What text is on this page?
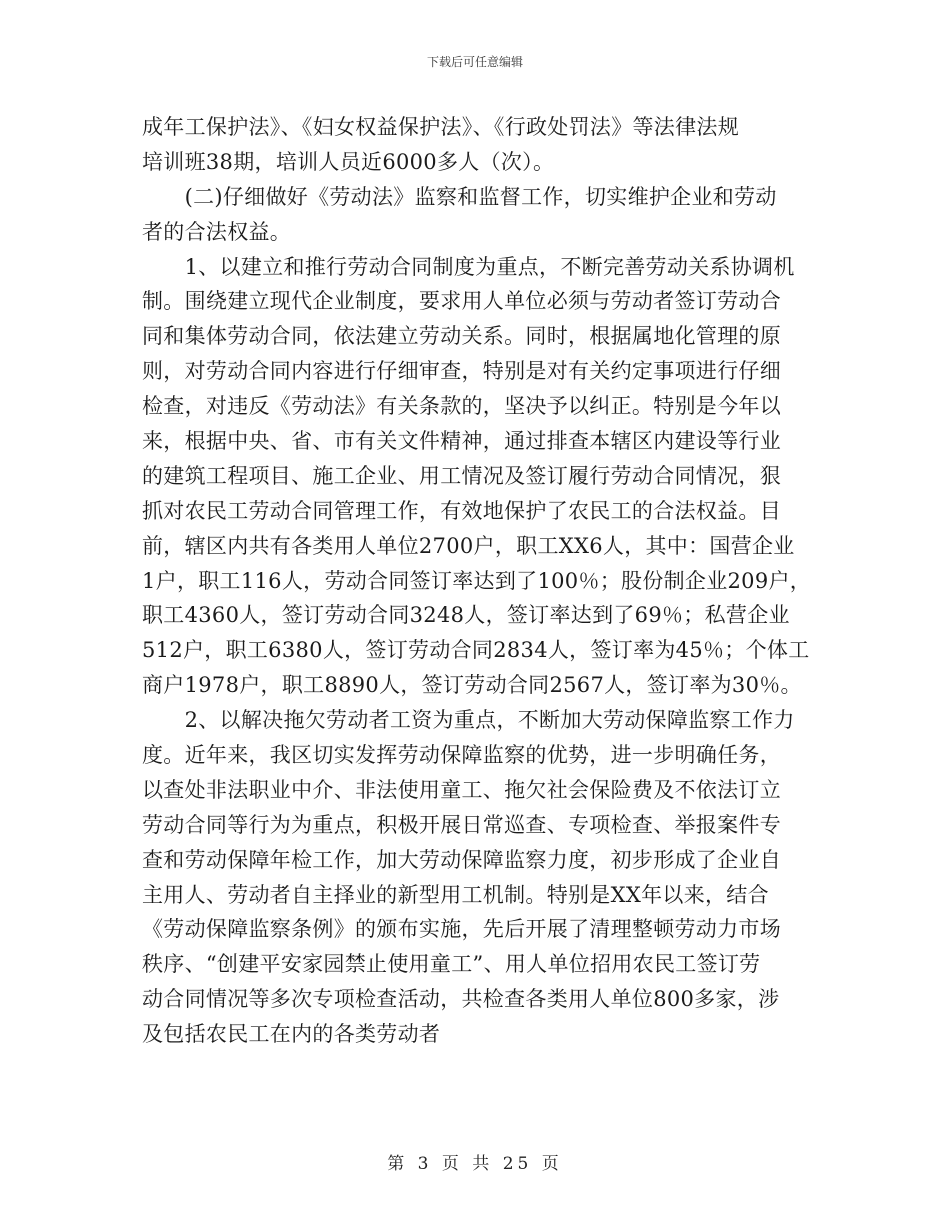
下载后可任意编辑
成年工保护法》、《妇女权益保护法》、《行政处罚法》等法律法规
培训班38期，培训人员近6000多人（次）。
　　(二)仔细做好《劳动法》监察和监督工作，切实维护企业和劳动
者的合法权益。
　　1、以建立和推行劳动合同制度为重点，不断完善劳动关系协调机
制。围绕建立现代企业制度，要求用人单位必须与劳动者签订劳动合
同和集体劳动合同，依法建立劳动关系。同时，根据属地化管理的原
则，对劳动合同内容进行仔细审查，特别是对有关约定事项进行仔细
检查，对违反《劳动法》有关条款的，坚决予以纠正。特别是今年以
来，根据中央、省、市有关文件精神，通过排查本辖区内建设等行业
的建筑工程项目、施工企业、用工情况及签订履行劳动合同情况，狠
抓对农民工劳动合同管理工作，有效地保护了农民工的合法权益。目
前，辖区内共有各类用人单位2700户，职工XX6人，其中：国营企业
1户，职工116人，劳动合同签订率达到了100％；股份制企业209户，
职工4360人，签订劳动合同3248人，签订率达到了69％；私营企业
512户，职工6380人，签订劳动合同2834人，签订率为45％；个体工
商户1978户，职工8890人，签订劳动合同2567人，签订率为30％。
　　2、以解决拖欠劳动者工资为重点，不断加大劳动保障监察工作力
度。近年来，我区切实发挥劳动保障监察的优势，进一步明确任务，
以查处非法职业中介、非法使用童工、拖欠社会保险费及不依法订立
劳动合同等行为为重点，积极开展日常巡查、专项检查、举报案件专
查和劳动保障年检工作，加大劳动保障监察力度，初步形成了企业自
主用人、劳动者自主择业的新型用工机制。特别是XX年以来，结合
《劳动保障监察条例》的颁布实施，先后开展了清理整顿劳动力市场
秩序、“创建平安家园禁止使用童工”、用人单位招用农民工签订劳
动合同情况等多次专项检查活动，共检查各类用人单位800多家，涉
及包括农民工在内的各类劳动者
第 3 页 共 25 页
